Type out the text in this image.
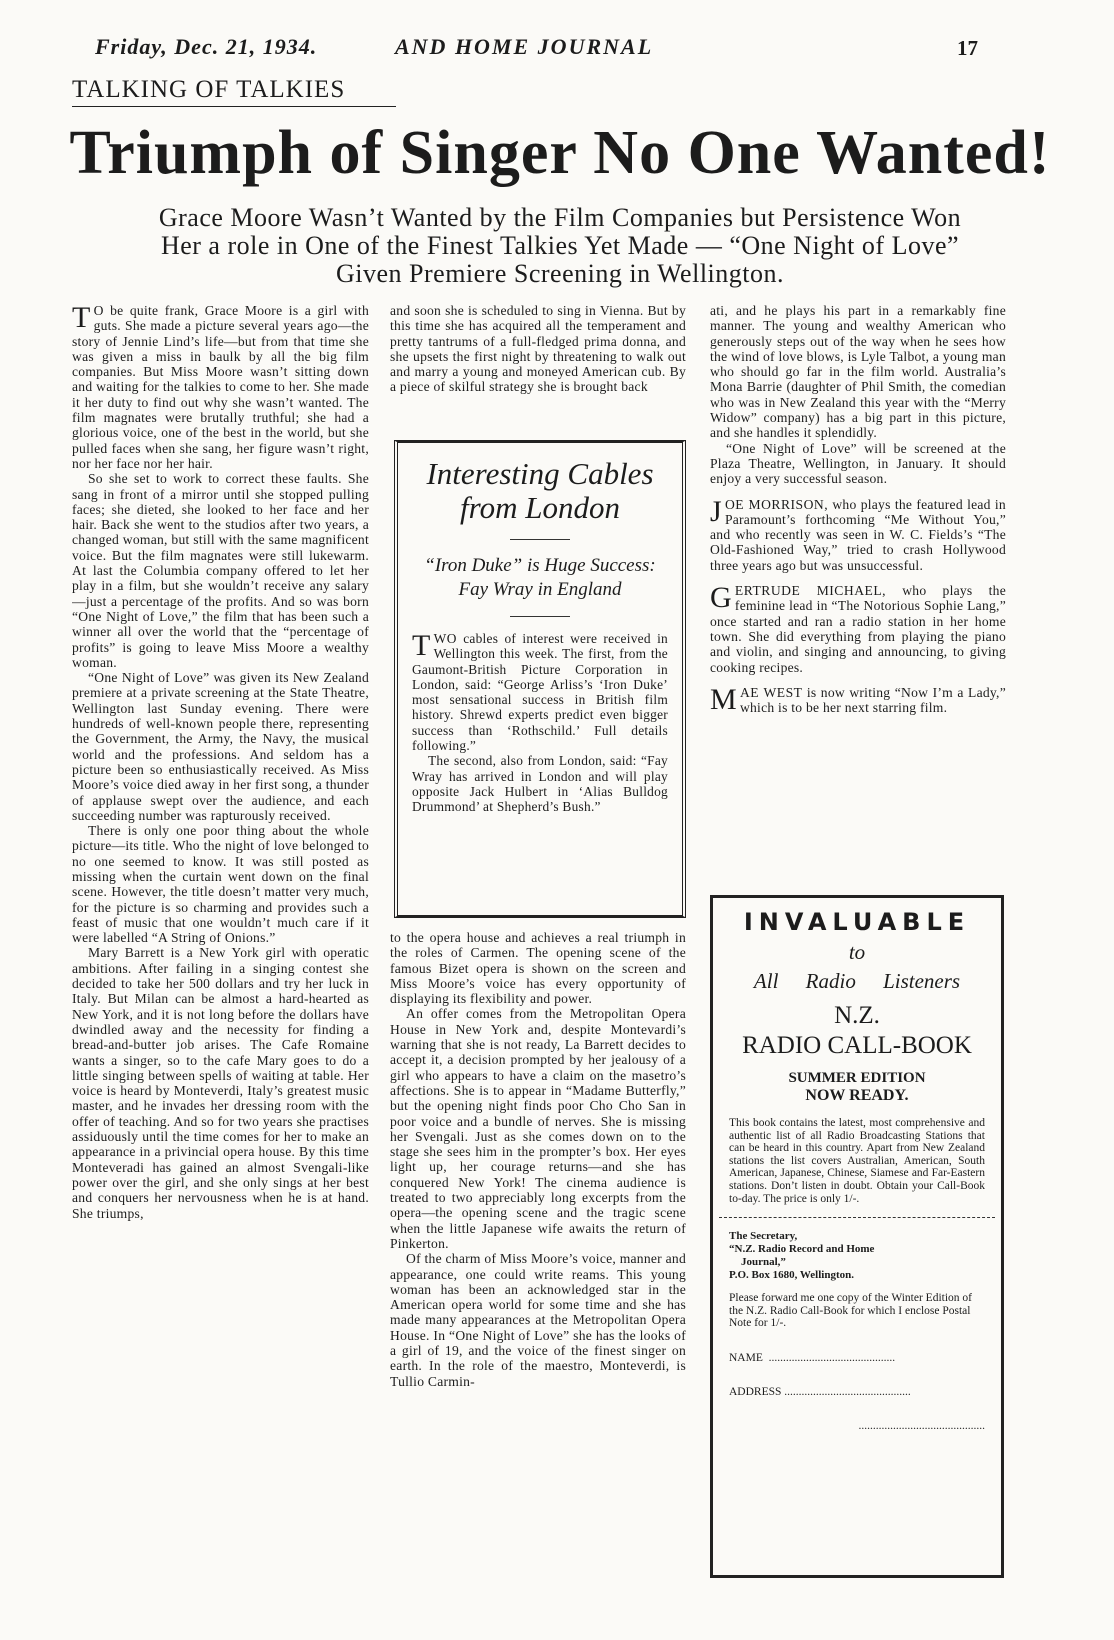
Friday, Dec. 21, 1934.	AND HOME JOURNAL	17
TALKING OF TALKIES
Triumph of Singer No One Wanted!
Grace Moore Wasn’t Wanted by the Film Companies but Persistence Won Her a role in One of the Finest Talkies Yet Made — “One Night of Love” Given Premiere Screening in Wellington.

T O be quite frank, Grace Moore is a girl with guts. She made a picture several years ago—the story of Jennie Lind’s life—but from that time she was given a miss in baulk by all the big film companies. But Miss Moore wasn’t sitting down and waiting for the talkies to come to her. She made it her duty to find out why she wasn’t wanted. The film magnates were brutally truthful; she had a glorious voice, one of the best in the world, but she pulled faces when she sang, her figure wasn’t right, nor her face nor her hair.

So she set to work to correct these faults. She sang in front of a mirror until she stopped pulling faces; she dieted, she looked to her face and her hair. Back she went to the studios after two years, a changed woman, but still with the same magnificent voice. But the film magnates were still lukewarm. At last the Columbia company offered to let her play in a film, but she wouldn’t receive any salary—just a percentage of the profits. And so was born “One Night of Love,” the film that has been such a winner all over the world that the “percentage of profits” is going to leave Miss Moore a wealthy woman.

“One Night of Love” was given its New Zealand premiere at a private screening at the State Theatre, Wellington last Sunday evening. There were hundreds of well-known people there, representing the Government, the Army, the Navy, the musical world and the professions. And seldom has a picture been so enthusiastically received. As Miss Moore’s voice died away in her first song, a thunder of applause swept over the audience, and each succeeding number was rapturously received.

There is only one poor thing about the whole picture—its title. Who the night of love belonged to no one seemed to know. It was still posted as missing when the curtain went down on the final scene. However, the title doesn’t matter very much, for the picture is so charming and provides such a feast of music that one wouldn’t much care if it were labelled “A String of Onions.”

Mary Barrett is a New York girl with operatic ambitions. After failing in a singing contest she decided to take her 500 dollars and try her luck in Italy. But Milan can be almost a hard-hearted as New York, and it is not long before the dollars have dwindled away and the necessity for finding a bread-and-butter job arises. The Cafe Romaine wants a singer, so to the cafe Mary goes to do a little singing between spells of waiting at table. Her voice is heard by Monteverdi, Italy’s greatest music master, and he invades her dressing room with the offer of teaching. And so for two years she practises assiduously until the time comes for her to make an appearance in a privincial opera house. By this time Monteveradi has gained an almost Svengali-like power over the girl, and she only sings at her best and conquers her nervousness when he is at hand. She triumps,

and soon she is scheduled to sing in Vienna. But by this time she has acquired all the temperament and pretty tantrums of a full-fledged prima donna, and she upsets the first night by threatening to walk out and marry a young and moneyed American cub. By a piece of skilful strategy she is brought back

Interesting Cables from London
“Iron Duke” is Huge Success: Fay Wray in England

TWO cables of interest were received in Wellington this week. The first, from the Gaumont-British Picture Corporation in London, said: “George Arliss’s ‘Iron Duke’ most sensational success in British film history. Shrewd experts predict even bigger success than ‘Rothschild.’ Full details following.”

The second, also from London, said: “Fay Wray has arrived in London and will play opposite Jack Hulbert in ‘Alias Bulldog Drummond’ at Shepherd’s Bush.”

to the opera house and achieves a real triumph in the roles of Carmen. The opening scene of the famous Bizet opera is shown on the screen and Miss Moore’s voice has every opportunity of displaying its flexibility and power.

An offer comes from the Metropolitan Opera House in New York and, despite Montevardi’s warning that she is not ready, La Barrett decides to accept it, a decision prompted by her jealousy of a girl who appears to have a claim on the masetro’s affections. She is to appear in “Madame Butterfly,” but the opening night finds poor Cho Cho San in poor voice and a bundle of nerves. She is missing her Svengali. Just as she comes down on to the stage she sees him in the prompter’s box. Her eyes light up, her courage returns—and she has conquered New York! The cinema audience is treated to two appreciably long excerpts from the opera—the opening scene and the tragic scene when the little Japanese wife awaits the return of Pinkerton.

Of the charm of Miss Moore’s voice, manner and appearance, one could write reams. This young woman has been an acknowledged star in the American opera world for some time and she has made many appearances at the Metropolitan Opera House. In “One Night of Love” she has the looks of a girl of 19, and the voice of the finest singer on earth. In the role of the maestro, Monteverdi, is Tullio Carmin-

ati, and he plays his part in a remarkably fine manner. The young and wealthy American who generously steps out of the way when he sees how the wind of love blows, is Lyle Talbot, a young man who should go far in the film world. Australia’s Mona Barrie (daughter of Phil Smith, the comedian who was in New Zealand this year with the “Merry Widow” company) has a big part in this picture, and she handles it splendidly.

“One Night of Love” will be screened at the Plaza Theatre, Wellington, in January. It should enjoy a very successful season.

JOE MORRISON, who plays the featured lead in Paramount’s forthcoming “Me Without You,” and who recently was seen in W. C. Fields’s “The Old-Fashioned Way,” tried to crash Hollywood three years ago but was unsuccessful.

GERTRUDE MICHAEL, who plays the feminine lead in “The Notorious Sophie Lang,” once started and ran a radio station in her home town. She did everything from playing the piano and violin, and singing and announcing, to giving cooking recipes.

MAE WEST is now writing “Now I’m a Lady,” which is to be her next starring film.

INVALUABLE
to
All Radio Listeners
N.Z.
RADIO CALL-BOOK
SUMMER EDITION
NOW READY.
This book contains the latest, most comprehensive and authentic list of all Radio Broadcasting Stations that can be heard in this country. Apart from New Zealand stations the list covers Australian, American, South American, Japanese, Chinese, Siamese and Far-Eastern stations. Don’t listen in doubt. Obtain your Call-Book to-day. The price is only 1/-.
The Secretary,
“N.Z. Radio Record and Home
Journal,”
P.O. Box 1680, Wellington.
Please forward me one copy of the Winter Edition of the N.Z. Radio Call-Book for which I enclose Postal Note for 1/-.
NAME ............................................
ADDRESS ............................................
............................................
